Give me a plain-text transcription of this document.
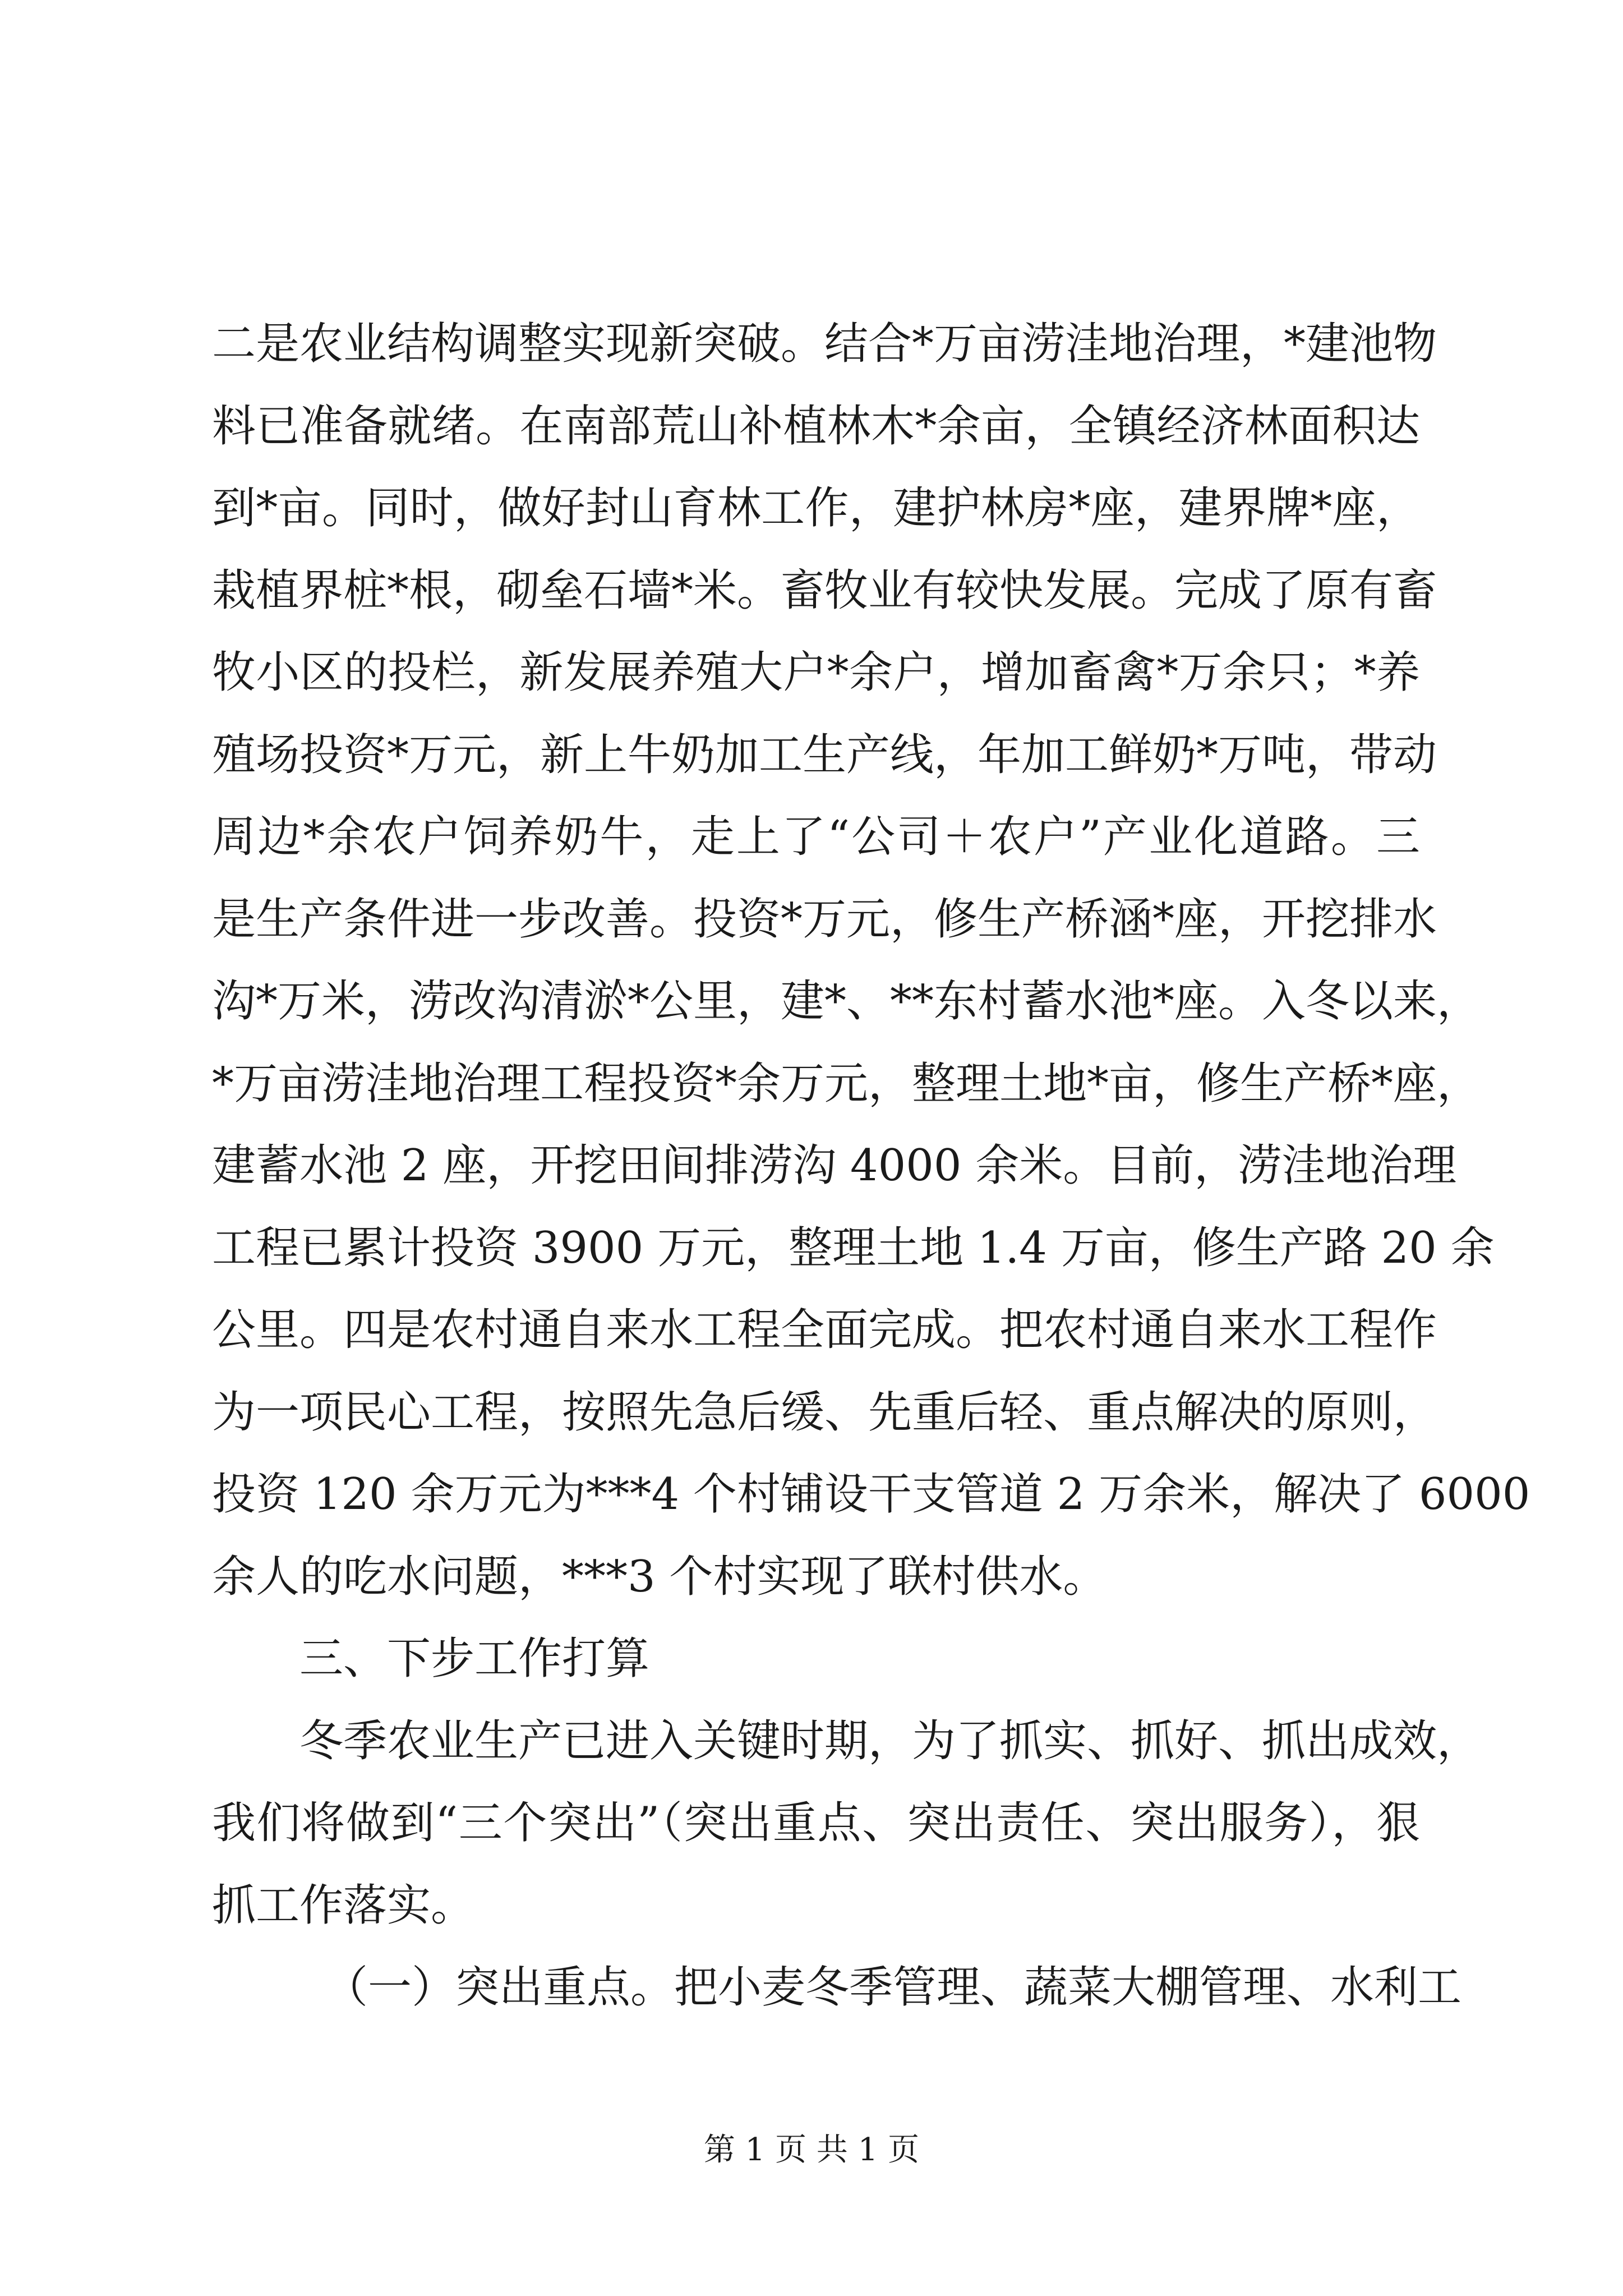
二是农业结构调整实现新突破。结合*万亩涝洼地治理，*建池物
料已准备就绪。在南部荒山补植林木*余亩，全镇经济林面积达
到*亩。同时，做好封山育林工作，建护林房*座，建界牌*座，
栽植界桩*根，砌垒石墙*米。畜牧业有较快发展。完成了原有畜
牧小区的投栏，新发展养殖大户*余户，增加畜禽*万余只；*养
殖场投资*万元，新上牛奶加工生产线，年加工鲜奶*万吨，带动
周边*余农户饲养奶牛，走上了“公司＋农户”产业化道路。三
是生产条件进一步改善。投资*万元，修生产桥涵*座，开挖排水
沟*万米，涝改沟清淤*公里，建*、**东村蓄水池*座。入冬以来，
*万亩涝洼地治理工程投资*余万元，整理土地*亩，修生产桥*座，
建蓄水池 2 座，开挖田间排涝沟 4000 余米。目前，涝洼地治理
工程已累计投资 3900 万元，整理土地 1.4 万亩，修生产路 20 余
公里。四是农村通自来水工程全面完成。把农村通自来水工程作
为一项民心工程，按照先急后缓、先重后轻、重点解决的原则，
投资 120 余万元为***4 个村铺设干支管道 2 万余米，解决了 6000
余人的吃水问题，***3 个村实现了联村供水。
三、下步工作打算
冬季农业生产已进入关键时期，为了抓实、抓好、抓出成效，
我们将做到“三个突出”（突出重点、突出责任、突出服务），狠
抓工作落实。
（一）突出重点。把小麦冬季管理、蔬菜大棚管理、水利工
第 1 页 共 1 页
